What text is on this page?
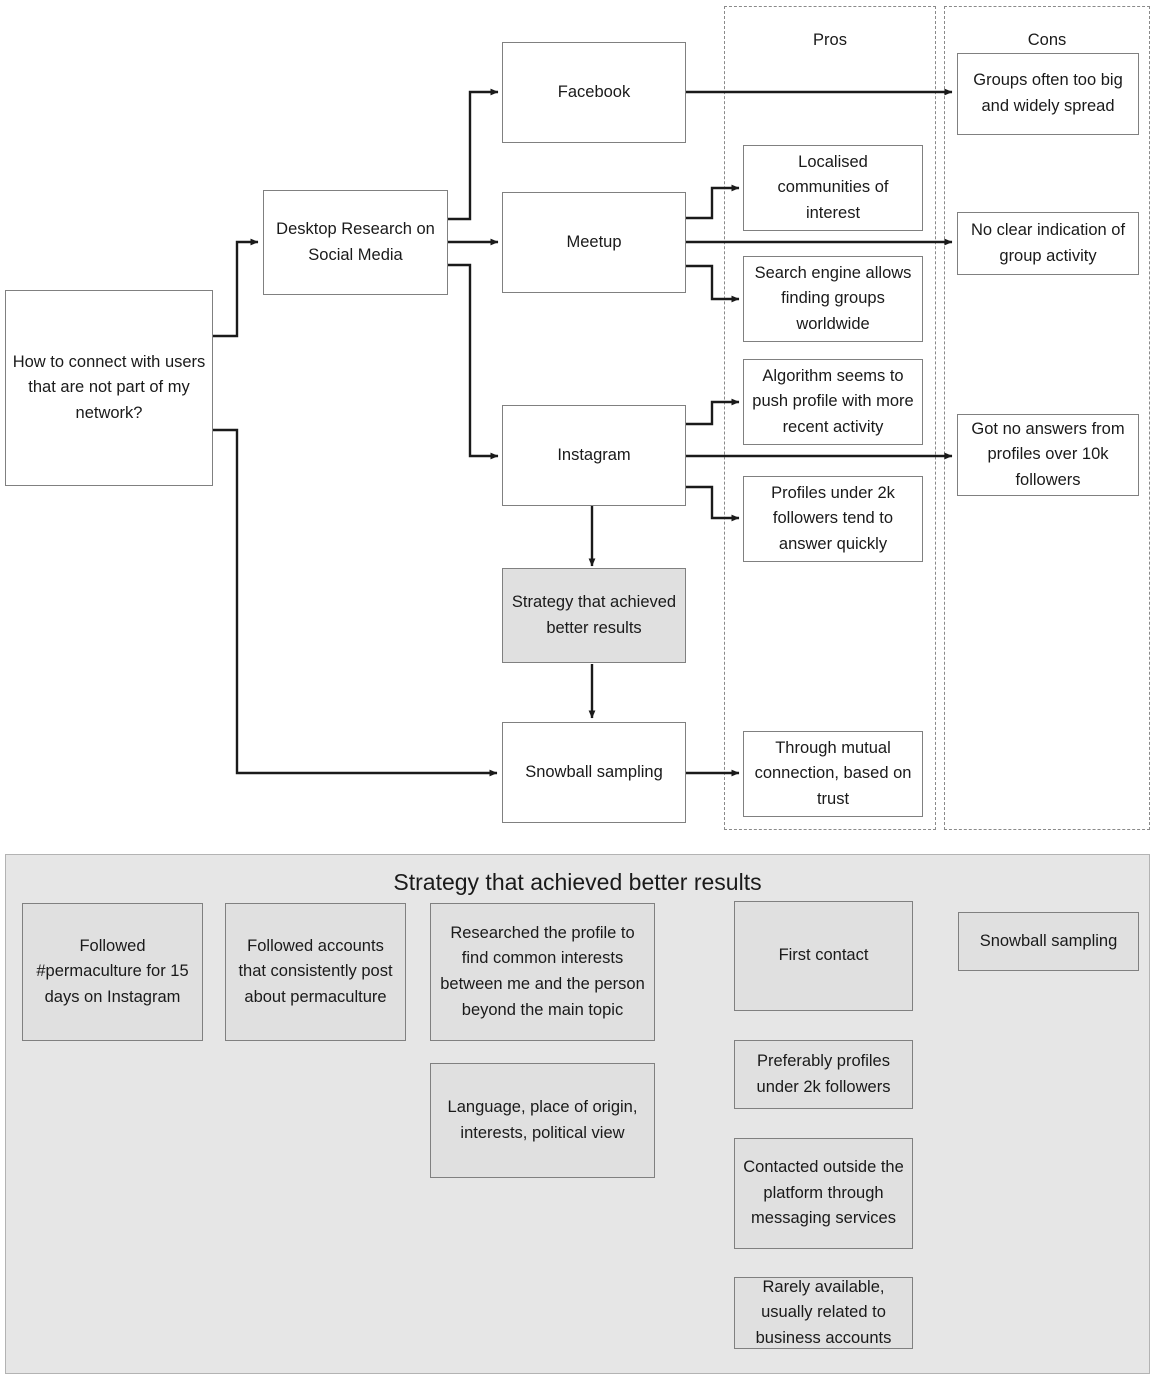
Pros	Cons
How to connect with users that are not part of my network?
Desktop Research on Social Media
Facebook
Meetup
Instagram
Strategy that achieved better results
Snowball sampling
Localised communities of interest
Search engine allows finding groups worldwide
Algorithm seems to push profile with more recent activity
Profiles under 2k followers tend to answer quickly
Through mutual connection, based on trust
Groups often too big and widely spread
No clear indication of group activity
Got no answers from profiles over 10k followers
Strategy that achieved better results
Followed #permaculture for 15 days on Instagram
Followed accounts that consistently post about permaculture
Researched the profile to find common interests between me and the person beyond the main topic
Language, place of origin, interests, political view
First contact
Preferably profiles under 2k followers
Contacted outside the platform through messaging services
Rarely available, usually related to business accounts
Snowball sampling
